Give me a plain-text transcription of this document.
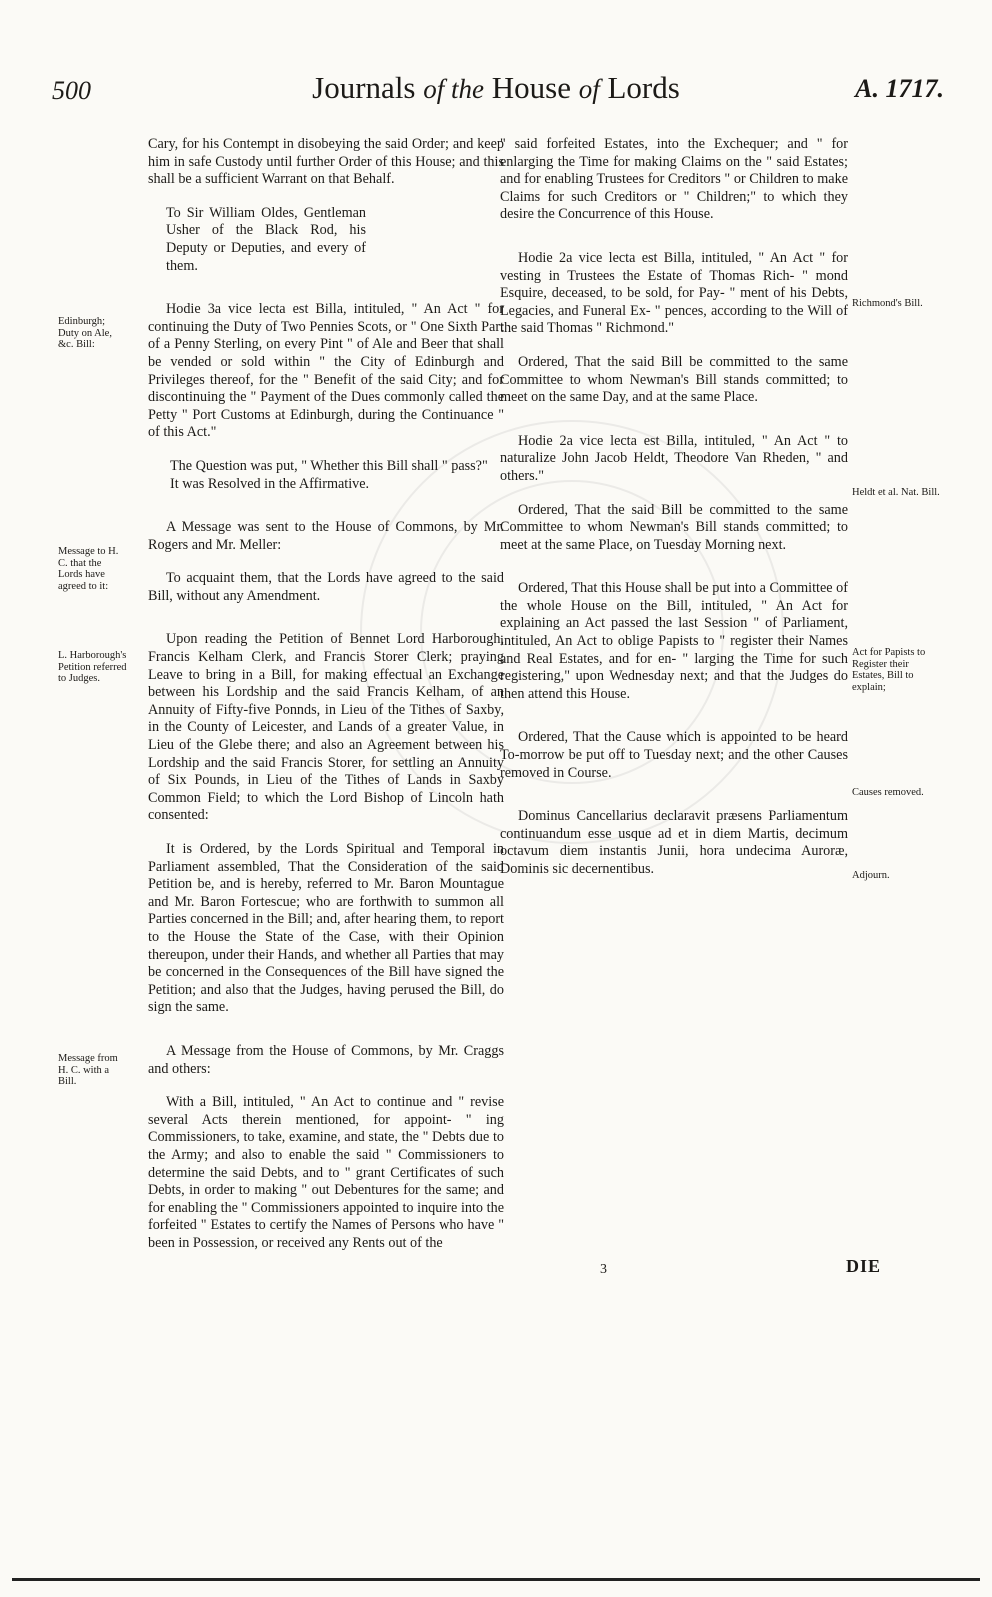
500	Journals of the House of Lords	A. 1717.
Edinburgh; Duty on Ale, &c. Bill:
Message to H. C. that the Lords have agreed to it:
L. Harborough's Petition referred to Judges.
Message from H. C. with a Bill.
Richmond's Bill.
Heldt et al. Nat. Bill.
Act for Papists to Register their Estates, Bill to explain;
Causes removed.
Adjourn.

Cary, for his Contempt in disobeying the said Order; and keep him in safe Custody until further Order of this House; and this shall be a sufficient Warrant on that Behalf.

To Sir William Oldes, Gentleman Usher of the Black Rod, his Deputy or Deputies, and every of them.

Hodie 3a vice lecta est Billa, intituled, " An Act " for continuing the Duty of Two Pennies Scots, or " One Sixth Part of a Penny Sterling, on every Pint " of Ale and Beer that shall be vended or sold within " the City of Edinburgh and Privileges thereof, for the " Benefit of the said City; and for discontinuing the " Payment of the Dues commonly called the Petty " Port Customs at Edinburgh, during the Continuance " of this Act."

The Question was put, " Whether this Bill shall " pass?"

It was Resolved in the Affirmative.

A Message was sent to the House of Commons, by Mr. Rogers and Mr. Meller:

To acquaint them, that the Lords have agreed to the said Bill, without any Amendment.

Upon reading the Petition of Bennet Lord Harborough, Francis Kelham Clerk, and Francis Storer Clerk; praying Leave to bring in a Bill, for making effectual an Exchange between his Lordship and the said Francis Kelham, of an Annuity of Fifty-five Ponnds, in Lieu of the Tithes of Saxby, in the County of Leicester, and Lands of a greater Value, in Lieu of the Glebe there; and also an Agreement between his Lordship and the said Francis Storer, for settling an Annuity of Six Pounds, in Lieu of the Tithes of Lands in Saxby Common Field; to which the Lord Bishop of Lincoln hath consented:

It is Ordered, by the Lords Spiritual and Temporal in Parliament assembled, That the Consideration of the said Petition be, and is hereby, referred to Mr. Baron Mountague and Mr. Baron Fortescue; who are forthwith to summon all Parties concerned in the Bill; and, after hearing them, to report to the House the State of the Case, with their Opinion thereupon, under their Hands, and whether all Parties that may be concerned in the Consequences of the Bill have signed the Petition; and also that the Judges, having perused the Bill, do sign the same.

A Message from the House of Commons, by Mr. Craggs and others:

With a Bill, intituled, " An Act to continue and " revise several Acts therein mentioned, for appoint- " ing Commissioners, to take, examine, and state, the " Debts due to the Army; and also to enable the said " Commissioners to determine the said Debts, and to " grant Certificates of such Debts, in order to making " out Debentures for the same; and for enabling the " Commissioners appointed to inquire into the forfeited " Estates to certify the Names of Persons who have " been in Possession, or received any Rents out of the

" said forfeited Estates, into the Exchequer; and " for enlarging the Time for making Claims on the " said Estates; and for enabling Trustees for Creditors " or Children to make Claims for such Creditors or " Children;" to which they desire the Concurrence of this House.

Hodie 2a vice lecta est Billa, intituled, " An Act " for vesting in Trustees the Estate of Thomas Rich- " mond Esquire, deceased, to be sold, for Pay- " ment of his Debts, Legacies, and Funeral Ex- " pences, according to the Will of the said Thomas " Richmond."

Ordered, That the said Bill be committed to the same Committee to whom Newman's Bill stands committed; to meet on the same Day, and at the same Place.

Hodie 2a vice lecta est Billa, intituled, " An Act " to naturalize John Jacob Heldt, Theodore Van Rheden, " and others."

Ordered, That the said Bill be committed to the same Committee to whom Newman's Bill stands committed; to meet at the same Place, on Tuesday Morning next.

Ordered, That this House shall be put into a Committee of the whole House on the Bill, intituled, " An Act for explaining an Act passed the last Session " of Parliament, intituled, An Act to oblige Papists to " register their Names and Real Estates, and for en- " larging the Time for such registering," upon Wednesday next; and that the Judges do then attend this House.

Ordered, That the Cause which is appointed to be heard To-morrow be put off to Tuesday next; and the other Causes removed in Course.

Dominus Cancellarius declaravit præsens Parliamentum continuandum esse usque ad et in diem Martis, decimum octavum diem instantis Junii, hora undecima Auroræ, Dominis sic decernentibus.

3	DIE
